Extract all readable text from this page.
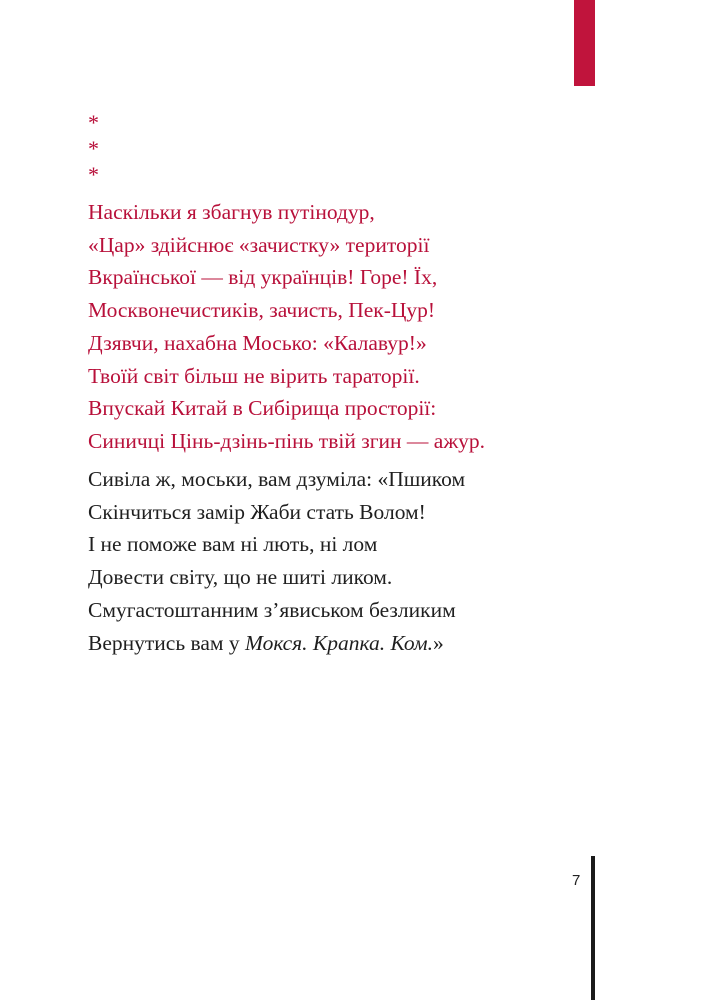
*
*
*
Наскільки я збагнув путінодур,
«Цар» здійснює «зачистку» території
Вкраїнської — від українців! Горе! Їх,
Москвонечистиків, зачисть, Пек-Цур!
Дзявчи, нахабна Мосько: «Калавур!»
Твоїй світ більш не вірить тараторії.
Впускай Китай в Сибірища просторії:
Синичці Цінь-дзінь-пінь твій згин — ажур.
Сивіла ж, моськи, вам дзуміла: «Пшиком
Скінчиться замір Жаби стать Волом!
І не поможе вам ні лють, ні лом
Довести світу, що не шиті ликом.
Смугастоштанним з’явиськом безликим
Вернутись вам у Мокся. Крапка. Ком.»
7
